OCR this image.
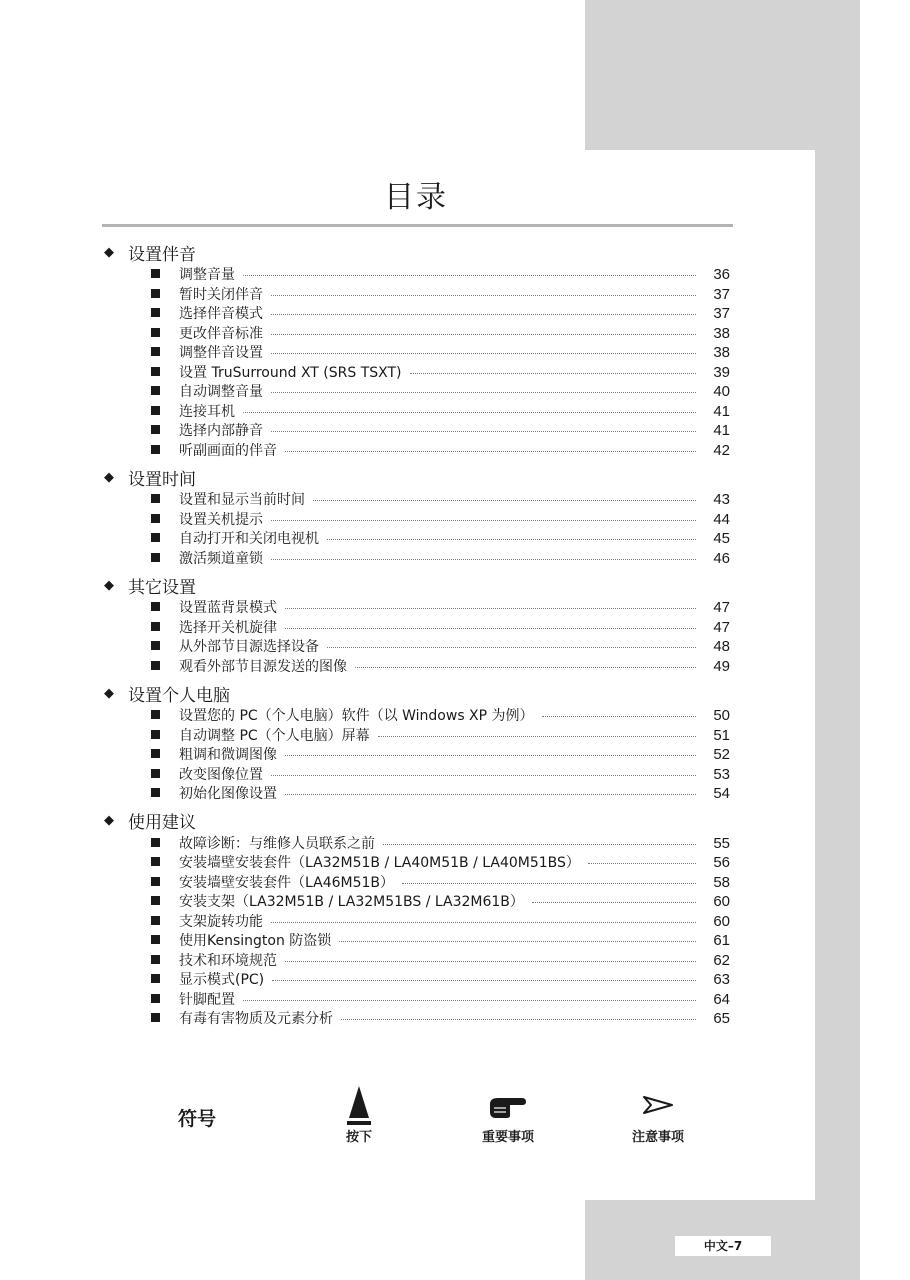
目录
◆ 设置伴音
调整音量	36
暂时关闭伴音	37
选择伴音模式	37
更改伴音标准	38
调整伴音设置	38
设置 TruSurround XT (SRS TSXT)	39
自动调整音量	40
连接耳机	41
选择内部静音	41
听副画面的伴音	42
◆ 设置时间
设置和显示当前时间	43
设置关机提示	44
自动打开和关闭电视机	45
激活频道童锁	46
◆ 其它设置
设置蓝背景模式	47
选择开关机旋律	47
从外部节目源选择设备	48
观看外部节目源发送的图像	49
◆ 设置个人电脑
设置您的 PC（个人电脑）软件（以 Windows XP 为例）	50
自动调整 PC（个人电脑）屏幕	51
粗调和微调图像	52
改变图像位置	53
初始化图像设置	54
◆ 使用建议
故障诊断：与维修人员联系之前	55
安装墙壁安装套件（LA32M51B / LA40M51B / LA40M51BS）	56
安装墙壁安装套件（LA46M51B）	58
安装支架（LA32M51B / LA32M51BS / LA32M61B）	60
支架旋转功能	60
使用Kensington 防盗锁	61
技术和环境规范	62
显示模式(PC)	63
针脚配置	64
有毒有害物质及元素分析	65
符号
按下	重要事项	注意事项
中文–7
